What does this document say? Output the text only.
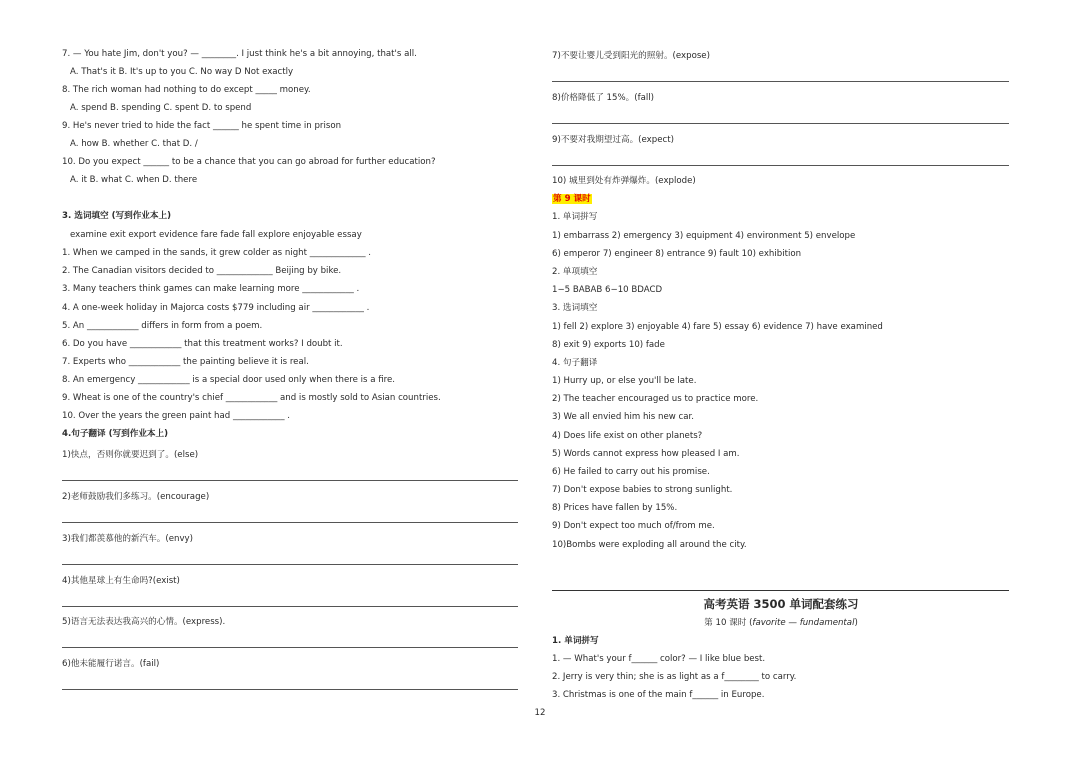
7. — You hate Jim, don't you? — ________. I just think he's a bit annoying, that's all.
A. That's it B. It's up to you C. No way D Not exactly
8. The rich woman had nothing to do except _____ money.
A. spend B. spending C. spent D. to spend
9. He's never tried to hide the fact ______ he spent time in prison
A. how B. whether C. that D. /
10. Do you expect ______ to be a chance that you can go abroad for further education?
A. it B. what C. when D. there
3. 选词填空 (写到作业本上)
examine exit export evidence fare fade fall explore enjoyable essay
1. When we camped in the sands, it grew colder as night _____________ .
2. The Canadian visitors decided to _____________ Beijing by bike.
3. Many teachers think games can make learning more ____________ .
4. A one-week holiday in Majorca costs $779 including air ____________ .
5. An ____________ differs in form from a poem.
6. Do you have ____________ that this treatment works? I doubt it.
7. Experts who ____________ the painting believe it is real.
8. An emergency ____________ is a special door used only when there is a fire.
9. Wheat is one of the country's chief ____________ and is mostly sold to Asian countries.
10. Over the years the green paint had ____________ .
4.句子翻译 (写到作业本上)
1)快点，否则你就要迟到了。(else)
2)老师鼓励我们多练习。(encourage)
3)我们都羡慕他的新汽车。(envy)
4)其他星球上有生命吗?(exist)
5)语言无法表达我高兴的心情。(express).
6)他未能履行诺言。(fail)
7)不要让婴儿受到阳光的照射。(expose)
8)价格降低了 15%。(fall)
9)不要对我期望过高。(expect)
10) 城里到处有炸弹爆炸。(explode)
第 9 课时
1. 单词拼写
1) embarrass 2) emergency 3) equipment 4) environment 5) envelope
6) emperor 7) engineer 8) entrance 9) fault 10) exhibition
2. 单项填空
1−5 BABAB 6−10 BDACD
3. 选词填空
1) fell 2) explore 3) enjoyable 4) fare 5) essay 6) evidence 7) have examined
8) exit 9) exports 10) fade
4. 句子翻译
1) Hurry up, or else you'll be late.
2) The teacher encouraged us to practice more.
3) We all envied him his new car.
4) Does life exist on other planets?
5) Words cannot express how pleased I am.
6) He failed to carry out his promise.
7) Don't expose babies to strong sunlight.
8) Prices have fallen by 15%.
9) Don't expect too much of/from me.
10)Bombs were exploding all around the city.
高考英语 3500 单词配套练习
第 10 课时 (favorite — fundamental)
1. 单词拼写
1. — What's your f______ color? — I like blue best.
2. Jerry is very thin; she is as light as a f________ to carry.
3. Christmas is one of the main f______ in Europe.
12
